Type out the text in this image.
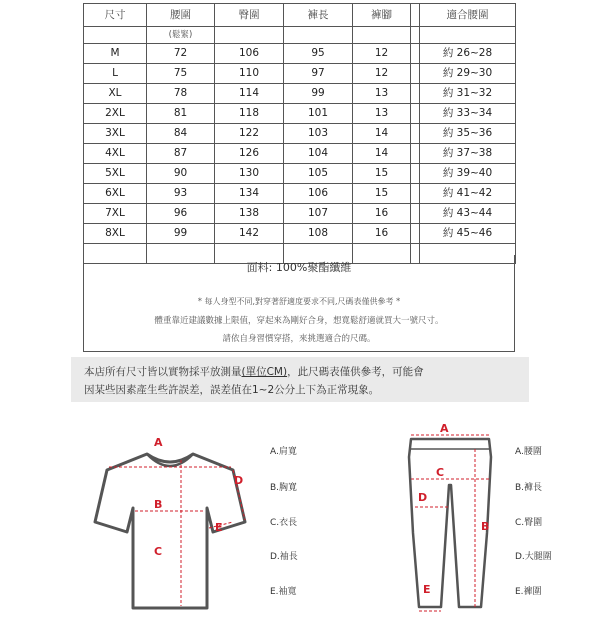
尺寸	腰圍	臀圍	褲長	褲腳		適合腰圍
	(鬆緊)					
M	72	106	95	12		約 26~28
L	75	110	97	12		約 29~30
XL	78	114	99	13		約 31~32
2XL	81	118	101	13		約 33~34
3XL	84	122	103	14		約 35~36
4XL	87	126	104	14		約 37~38
5XL	90	130	105	15		約 39~40
6XL	93	134	106	15		約 41~42
7XL	96	138	107	16		約 43~44
8XL	99	142	108	16		約 45~46

面料: 100%聚酯纖維
* 每人身型不同,對穿著舒適度要求不同,尺碼表僅供參考 *
體重靠近建議數據上限值，穿起來為剛好合身，想寬鬆舒適就買大一號尺寸。
請依自身習慣穿搭，來挑選適合的尺碼。
本店所有尺寸皆以實物採平放測量(單位CM)，此尺碼表僅供參考，可能會
因某些因素產生些許誤差，誤差值在1~2公分上下為正常現象。
A
D
B
E
C
A.肩寬
B.胸寬
C.衣長
D.袖長
E.袖寬
A
C
D
B
E
A.腰圍
B.褲長
C.臀圍
D.大腿圍
E.褲圍
